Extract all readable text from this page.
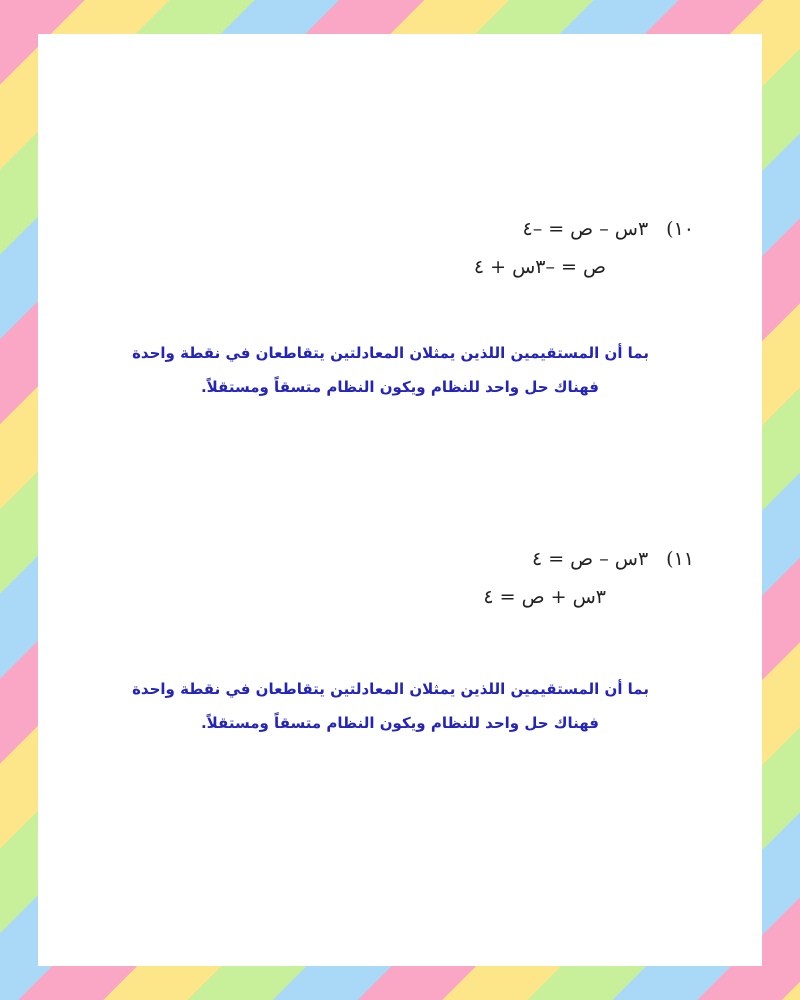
١٠)٣س – ص = –٤
ص = –٣س + ٤
بما أن المستقيمين اللذين يمثلان المعادلتين يتقاطعان في نقطة واحدة
فهناك حل واحد للنظام ويكون النظام متسقاً ومستقلاً.
١١)٣س – ص = ٤
٣س + ص = ٤
بما أن المستقيمين اللذين يمثلان المعادلتين يتقاطعان في نقطة واحدة
فهناك حل واحد للنظام ويكون النظام متسقاً ومستقلاً.
